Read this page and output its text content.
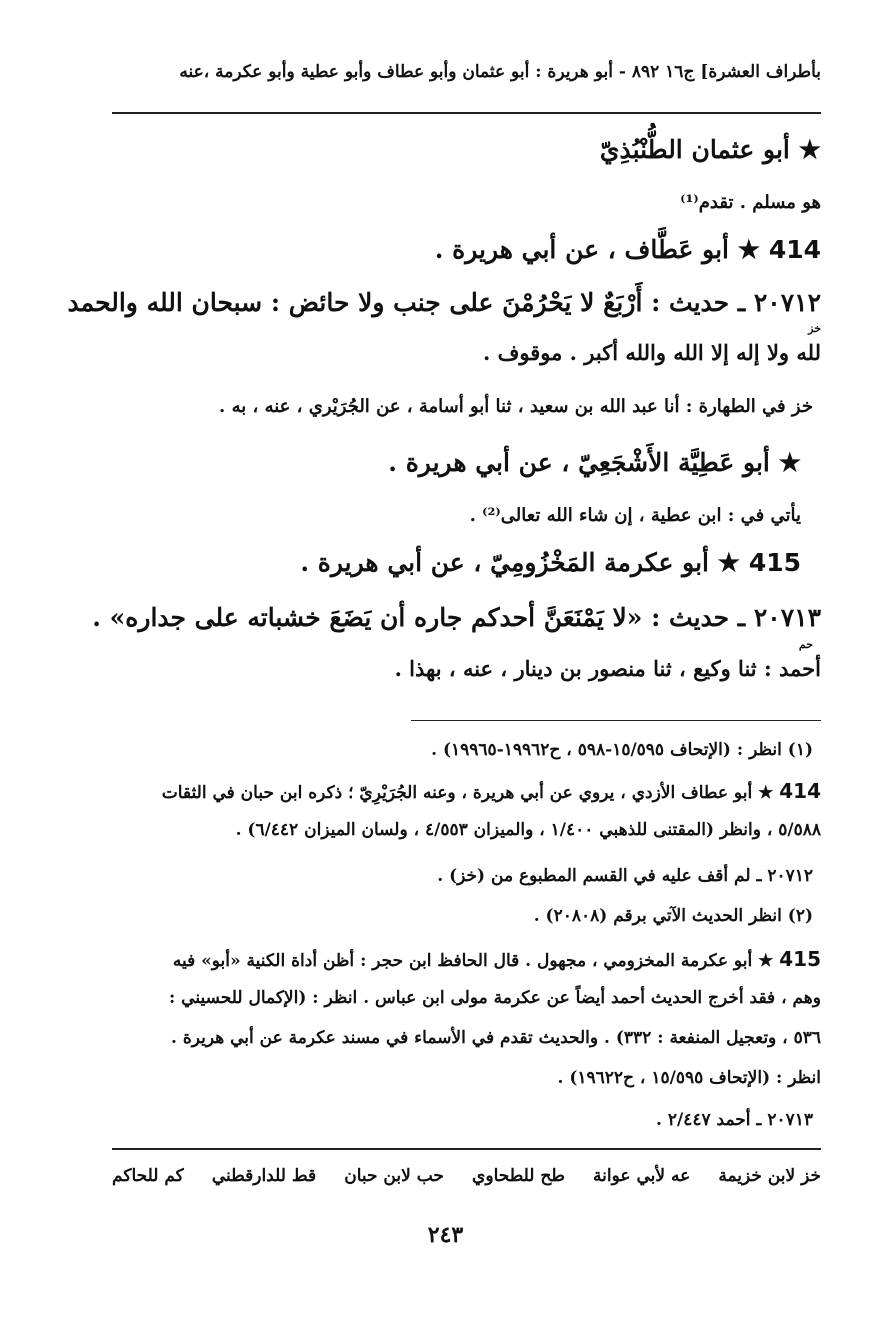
بأطراف العشرة] ج١٦ ٨٩٢ - أبو هريرة : أبو عثمان وأبو عطاف وأبو عطية وأبو عكرمة ،عنه
★ أبو عثمان الطُّنْبُذِيّ
هو مسلم . تقدم⁽¹⁾
414 ★ أبو عَطَّاف ، عن أبي هريرة .
٢٠٧١٢ ـ حديث : أَرْبَعٌ لا يَحْرُمْنَ على جنب ولا حائض : سبحان الله والحمد
خز
لله ولا إله إلا الله والله أكبر . موقوف .
خز في الطهارة : أنا عبد الله بن سعيد ، ثنا أبو أسامة ، عن الجُرَيْري ، عنه ، به .
★ أبو عَطِيَّة الأَشْجَعِيّ ، عن أبي هريرة .
يأتي في : ابن عطية ، إن شاء الله تعالى⁽²⁾ .
415 ★ أبو عكرمة المَخْزُومِيّ ، عن أبي هريرة .
٢٠٧١٣ ـ حديث : «لا يَمْنَعَنَّ أحدكم جاره أن يَضَعَ خشباته على جداره» .
حم
أحمد : ثنا وكيع ، ثنا منصور بن دينار ، عنه ، بهذا .
(١) انظر : (الإتحاف ١٥/٥٩٥-٥٩٨ ، ح١٩٩٦٢-١٩٩٦٥) .
414 ★ أبو عطاف الأزدي ، يروي عن أبي هريرة ، وعنه الجُرَيْرِيّ ؛ ذكره ابن حبان في الثقات
٥/٥٨٨ ، وانظر (المقتنى للذهبي ١/٤٠٠ ، والميزان ٤/٥٥٣ ، ولسان الميزان ٦/٤٤٢) .
٢٠٧١٢ ـ لم أقف عليه في القسم المطبوع من (خز) .
(٢) انظر الحديث الآتي برقم (٢٠٨٠٨) .
415 ★ أبو عكرمة المخزومي ، مجهول . قال الحافظ ابن حجر : أظن أداة الكنية «أبو» فيه
وهم ، فقد أخرج الحديث أحمد أيضاً عن عكرمة مولى ابن عباس . انظر : (الإكمال للحسيني :
٥٣٦ ، وتعجيل المنفعة : ٣٣٢) . والحديث تقدم في الأسماء في مسند عكرمة عن أبي هريرة .
انظر : (الإتحاف ١٥/٥٩٥ ، ح١٩٦٢٢) .
٢٠٧١٣ ـ أحمد ٢/٤٤٧ .
خز لابن خزيمة
عه لأبي عوانة
طح للطحاوي
حب لابن حبان
قط للدارقطني
كم للحاكم
٢٤٣
